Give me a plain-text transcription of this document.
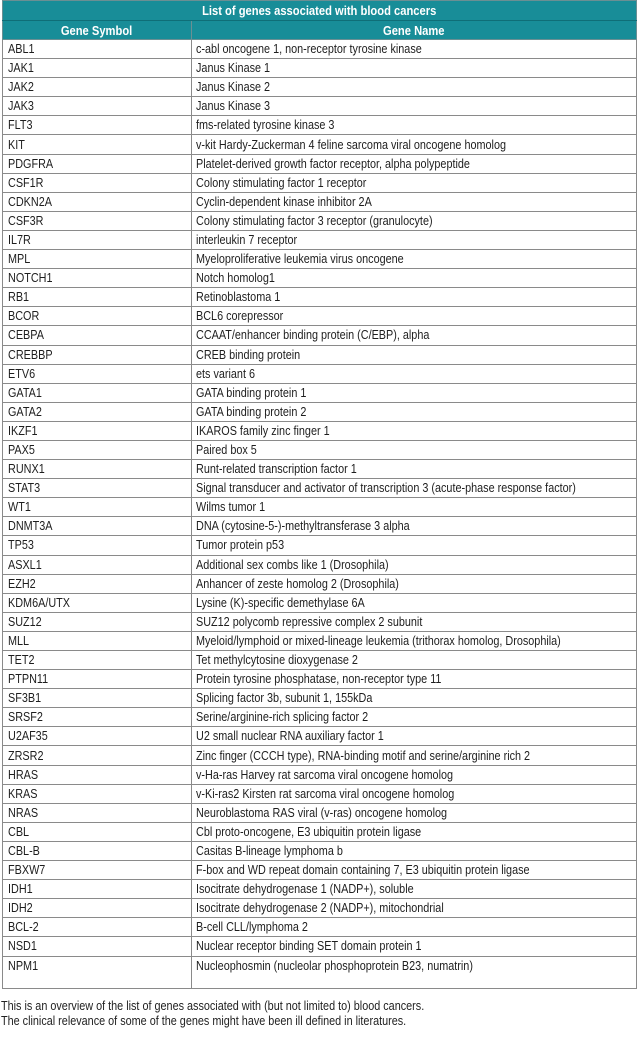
List of genes associated with blood cancers	
Gene Symbol	Gene Name
ABL1	c-abl oncogene 1, non-receptor tyrosine kinase
JAK1	Janus Kinase 1
JAK2	Janus Kinase 2
JAK3	Janus Kinase 3
FLT3	fms-related tyrosine kinase 3
KIT	v-kit Hardy-Zuckerman 4 feline sarcoma viral oncogene homolog
PDGFRA	Platelet-derived growth factor receptor, alpha polypeptide
CSF1R	Colony stimulating factor 1 receptor
CDKN2A	Cyclin-dependent kinase inhibitor 2A
CSF3R	Colony stimulating factor 3 receptor (granulocyte)
IL7R	interleukin 7 receptor
MPL	Myeloproliferative leukemia virus oncogene
NOTCH1	Notch homolog1
RB1	Retinoblastoma 1
BCOR	BCL6 corepressor
CEBPA	CCAAT/enhancer binding protein (C/EBP), alpha
CREBBP	CREB binding protein
ETV6	ets variant 6
GATA1	GATA binding protein 1
GATA2	GATA binding protein 2
IKZF1	IKAROS family zinc finger 1
PAX5	Paired box 5
RUNX1	Runt-related transcription factor 1
STAT3	Signal transducer and activator of transcription 3 (acute-phase response factor)
WT1	Wilms tumor 1
DNMT3A	DNA (cytosine-5-)-methyltransferase 3 alpha
TP53	Tumor protein p53
ASXL1	Additional sex combs like 1 (Drosophila)
EZH2	Anhancer of zeste homolog 2 (Drosophila)
KDM6A/UTX	Lysine (K)-specific demethylase 6A
SUZ12	SUZ12 polycomb repressive complex 2 subunit
MLL	Myeloid/lymphoid or mixed-lineage leukemia (trithorax homolog, Drosophila)
TET2	Tet methylcytosine dioxygenase 2
PTPN11	Protein tyrosine phosphatase, non-receptor type 11
SF3B1	Splicing factor 3b, subunit 1, 155kDa
SRSF2	Serine/arginine-rich splicing factor 2
U2AF35	U2 small nuclear RNA auxiliary factor 1
ZRSR2	Zinc finger (CCCH type), RNA-binding motif and serine/arginine rich 2
HRAS	v-Ha-ras Harvey rat sarcoma viral oncogene homolog
KRAS	v-Ki-ras2 Kirsten rat sarcoma viral oncogene homolog
NRAS	Neuroblastoma RAS viral (v-ras) oncogene homolog
CBL	Cbl proto-oncogene, E3 ubiquitin protein ligase
CBL-B	Casitas B-lineage lymphoma b
FBXW7	F-box and WD repeat domain containing 7, E3 ubiquitin protein ligase
IDH1	Isocitrate dehydrogenase 1 (NADP+), soluble
IDH2	Isocitrate dehydrogenase 2 (NADP+), mitochondrial
BCL-2	B-cell CLL/lymphoma 2
NSD1	Nuclear receptor binding SET domain protein 1
NPM1	Nucleophosmin (nucleolar phosphoprotein B23, numatrin)
This is an overview of the list of genes associated with (but not limited to) blood cancers.
The clinical relevance of some of the genes might have been ill defined in literatures.
